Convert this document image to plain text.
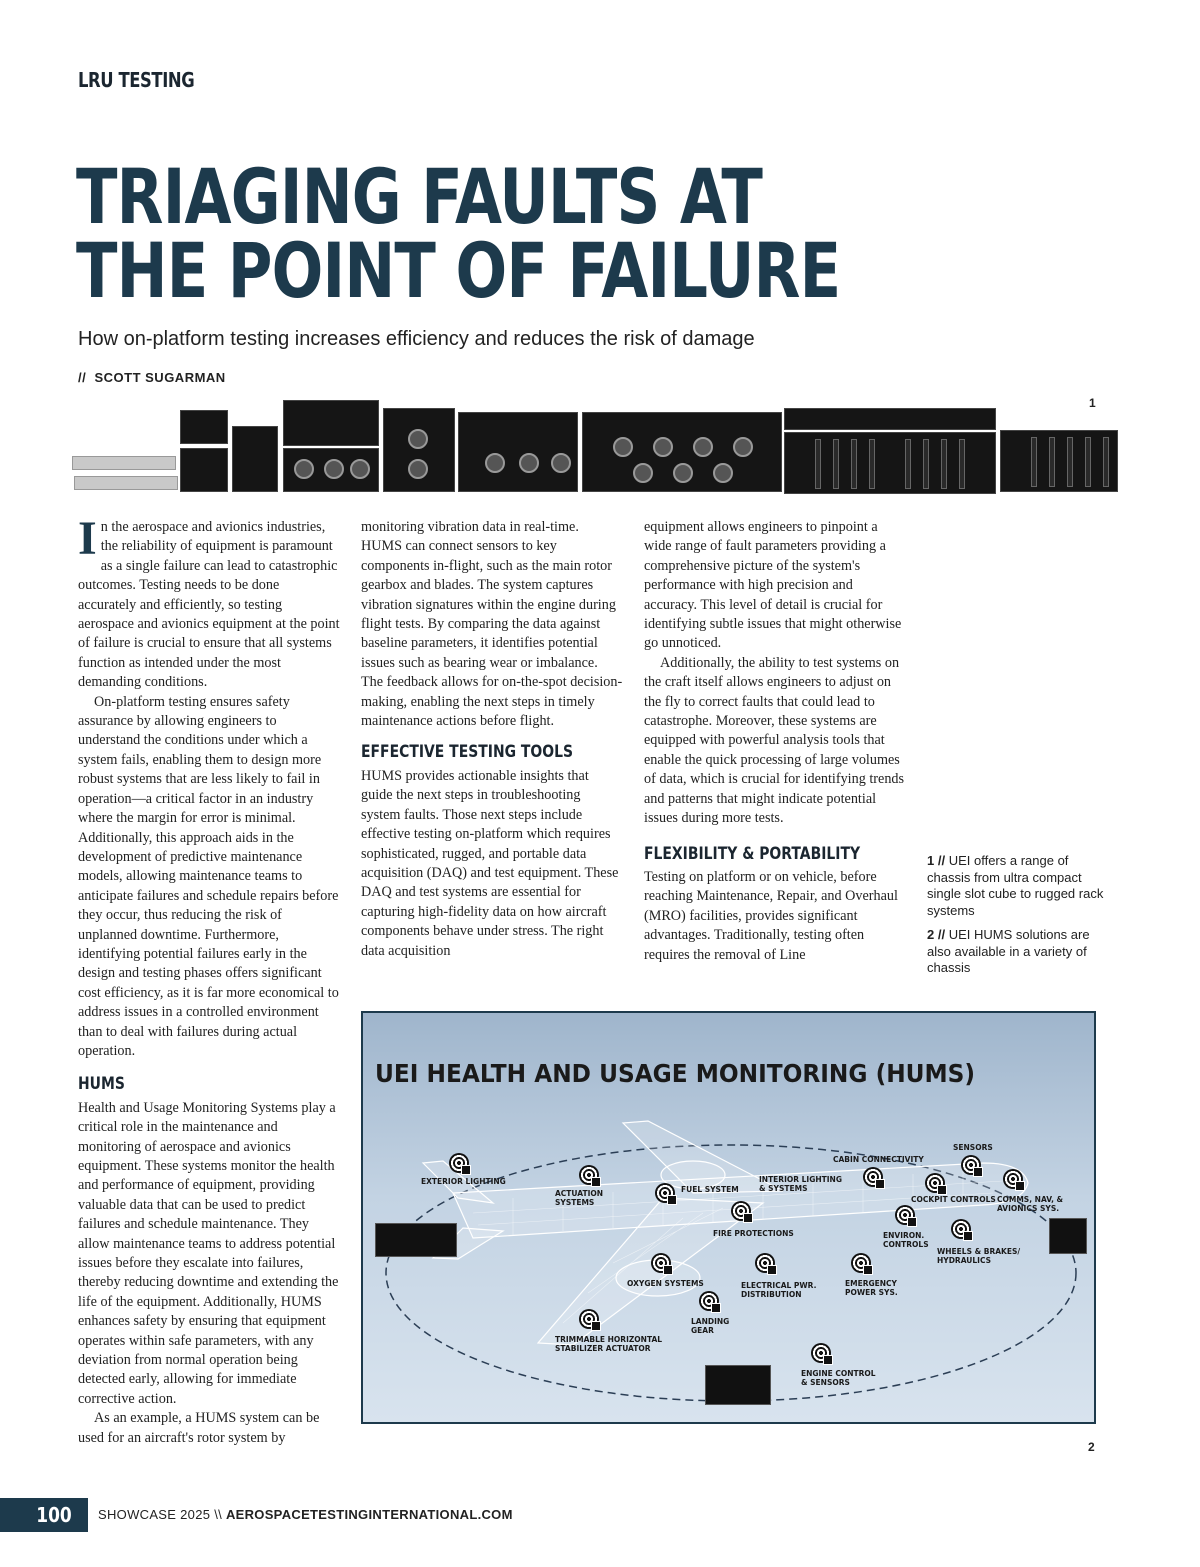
LRU TESTING
TRIAGING FAULTS AT
THE POINT OF FAILURE
How on-platform testing increases efficiency and reduces the risk of damage
// SCOTT SUGARMAN
1

In the aerospace and avionics industries, the reliability of equipment is paramount as a single failure can lead to catastrophic outcomes. Testing needs to be done accurately and efficiently, so testing aerospace and avionics equipment at the point of failure is crucial to ensure that all systems function as intended under the most demanding conditions.

On-platform testing ensures safety assurance by allowing engineers to understand the conditions under which a system fails, enabling them to design more robust systems that are less likely to fail in operation—a critical factor in an industry where the margin for error is minimal. Additionally, this approach aids in the development of predictive maintenance models, allowing maintenance teams to anticipate failures and schedule repairs before they occur, thus reducing the risk of unplanned downtime. Furthermore, identifying potential failures early in the design and testing phases offers significant cost efficiency, as it is far more economical to address issues in a controlled environment than to deal with failures during actual operation.

HUMS

Health and Usage Monitoring Systems play a critical role in the maintenance and monitoring of aerospace and avionics equipment. These systems monitor the health and performance of equipment, providing valuable data that can be used to predict failures and schedule maintenance. They allow maintenance teams to address potential issues before they escalate into failures, thereby reducing downtime and extending the life of the equipment. Additionally, HUMS enhances safety by ensuring that equipment operates within safe parameters, with any deviation from normal operation being detected early, allowing for immediate corrective action.

As an example, a HUMS system can be used for an aircraft's rotor system by

monitoring vibration data in real-time. HUMS can connect sensors to key components in-flight, such as the main rotor gearbox and blades. The system captures vibration signatures within the engine during flight tests. By comparing the data against baseline parameters, it identifies potential issues such as bearing wear or imbalance. The feedback allows for on-the-spot decision-making, enabling the next steps in timely maintenance actions before flight.

EFFECTIVE TESTING TOOLS

HUMS provides actionable insights that guide the next steps in troubleshooting system faults. Those next steps include effective testing on-platform which requires sophisticated, rugged, and portable data acquisition (DAQ) and test equipment. These DAQ and test systems are essential for capturing high-fidelity data on how aircraft components behave under stress. The right data acquisition

equipment allows engineers to pinpoint a wide range of fault parameters providing a comprehensive picture of the system's performance with high precision and accuracy. This level of detail is crucial for identifying subtle issues that might otherwise go unnoticed.

Additionally, the ability to test systems on the craft itself allows engineers to adjust on the fly to correct faults that could lead to catastrophe. Moreover, these systems are equipped with powerful analysis tools that enable the quick processing of large volumes of data, which is crucial for identifying trends and patterns that might indicate potential issues during more tests.

FLEXIBILITY & PORTABILITY

Testing on platform or on vehicle, before reaching Maintenance, Repair, and Overhaul (MRO) facilities, provides significant advantages. Traditionally, testing often requires the removal of Line

1 // UEI offers a range of chassis from ultra compact single slot cube to rugged rack systems
2 // UEI HUMS solutions are also available in a variety of chassis
UEI HEALTH AND USAGE MONITORING (HUMS)
EXTERIOR LIGHTING
ACTUATION
SYSTEMS
FUEL SYSTEM
INTERIOR LIGHTING
& SYSTEMS
CABIN CONNECTIVITY
SENSORS
COCKPIT CONTROLS COMMS, NAV, &
AVIONICS SYS.
FIRE PROTECTIONS	ENVIRON.
CONTROLS
WHEELS & BRAKES/
HYDRAULICS
OXYGEN SYSTEMS	ELECTRICAL PWR.
DISTRIBUTION
EMERGENCY
POWER SYS.
LANDING
GEAR
TRIMMABLE HORIZONTAL
STABILIZER ACTUATOR
ENGINE CONTROL
& SENSORS
2
100	SHOWCASE 2025 \\ AEROSPACETESTINGINTERNATIONAL.COM
